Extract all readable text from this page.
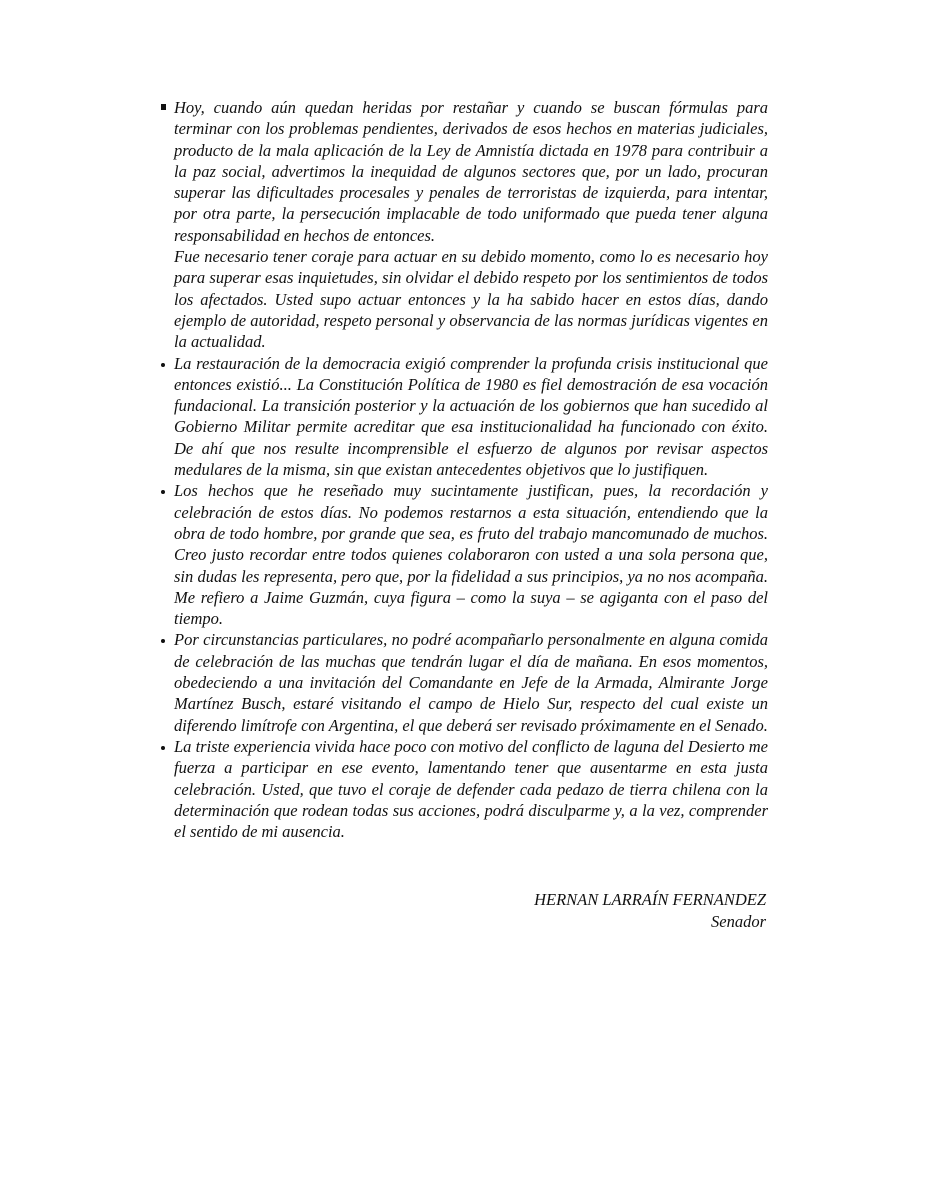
Hoy, cuando aún quedan heridas por restañar y cuando se buscan fórmulas para terminar con los problemas pendientes, derivados de esos hechos en materias judiciales, producto de la mala aplicación de la Ley de Amnistía dictada en 1978 para contribuir a la paz social, advertimos la inequidad de algunos sectores que, por un lado, procuran superar las dificultades procesales y penales de terroristas de izquierda, para intentar, por otra parte, la persecución implacable de todo uniformado que pueda tener alguna responsabilidad en hechos de entonces.

Fue necesario tener coraje para actuar en su debido momento, como lo es necesario hoy para superar esas inquietudes, sin olvidar el debido respeto por los sentimientos de todos los afectados. Usted supo actuar entonces y la ha sabido hacer en estos días, dando ejemplo de autoridad, respeto personal y observancia de las normas jurídicas vigentes en la actualidad.

La restauración de la democracia exigió comprender la profunda crisis institucional que entonces existió... La Constitución Política de 1980 es fiel demostración de esa vocación fundacional. La transición posterior y la actuación de los gobiernos que han sucedido al Gobierno Militar permite acreditar que esa institucionalidad ha funcionado con éxito. De ahí que nos resulte incomprensible el esfuerzo de algunos por revisar aspectos medulares de la misma, sin que existan antecedentes objetivos que lo justifiquen.

Los hechos que he reseñado muy sucintamente justifican, pues, la recordación y celebración de estos días. No podemos restarnos a esta situación, entendiendo que la obra de todo hombre, por grande que sea, es fruto del trabajo mancomunado de muchos. Creo justo recordar entre todos quienes colaboraron con usted a una sola persona que, sin dudas les representa, pero que, por la fidelidad a sus principios, ya no nos acompaña. Me refiero a Jaime Guzmán, cuya figura – como la suya – se agiganta con el paso del tiempo.

Por circunstancias particulares, no podré acompañarlo personalmente en alguna comida de celebración de las muchas que tendrán lugar el día de mañana. En esos momentos, obedeciendo a una invitación del Comandante en Jefe de la Armada, Almirante Jorge Martínez Busch, estaré visitando el campo de Hielo Sur, respecto del cual existe un diferendo limítrofe con Argentina, el que deberá ser revisado próximamente en el Senado.

La triste experiencia vivida hace poco con motivo del conflicto de laguna del Desierto me fuerza a participar en ese evento, lamentando tener que ausentarme en esta justa celebración. Usted, que tuvo el coraje de defender cada pedazo de tierra chilena con la determinación que rodean todas sus acciones, podrá disculparme y, a la vez, comprender el sentido de mi ausencia.

HERNAN LARRAÍN FERNANDEZ
Senador
